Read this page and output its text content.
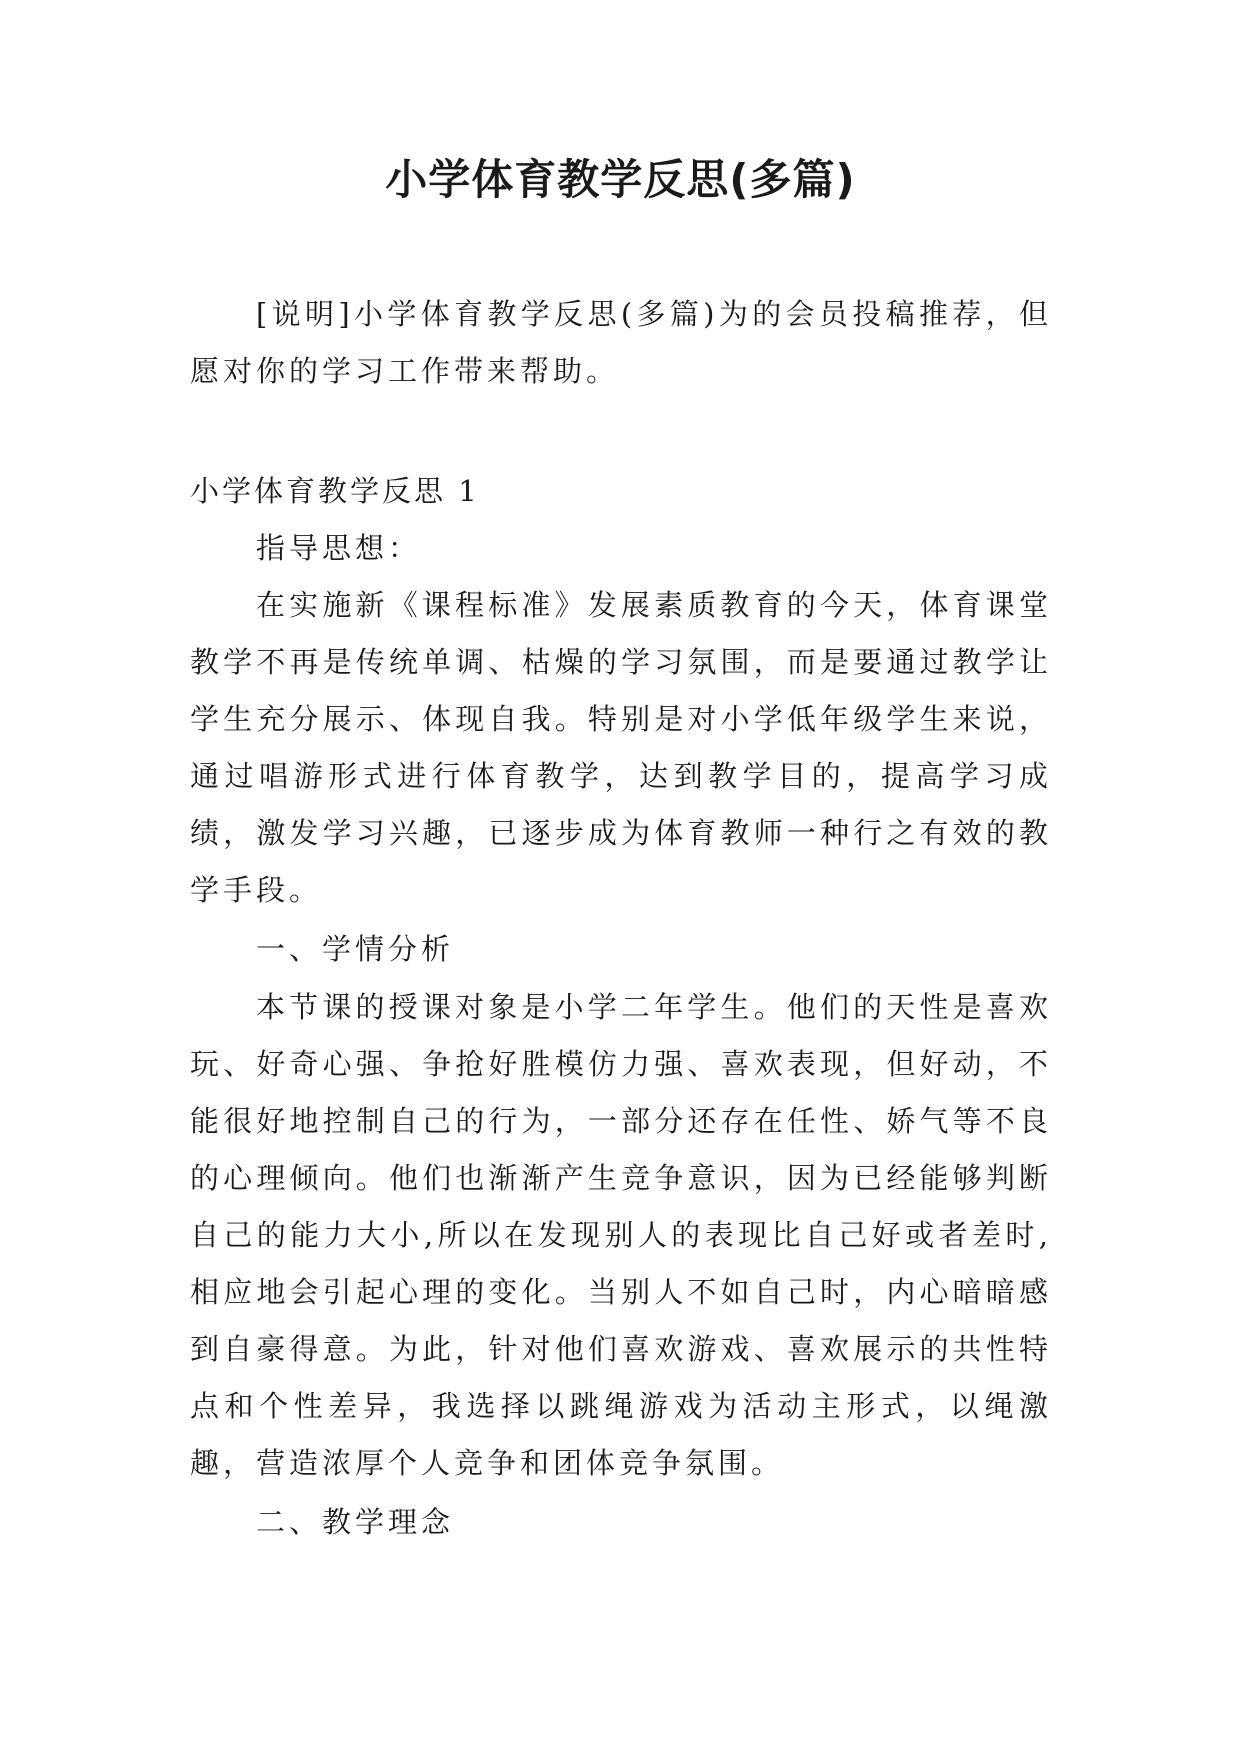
小学体育教学反思(多篇)

[说明]小学体育教学反思(多篇)为的会员投稿推荐，但愿对你的学习工作带来帮助。

小学体育教学反思 1

指导思想：

在实施新《课程标准》发展素质教育的今天，体育课堂教学不再是传统单调、枯燥的学习氛围，而是要通过教学让学生充分展示、体现自我。特别是对小学低年级学生来说，通过唱游形式进行体育教学，达到教学目的，提高学习成绩，激发学习兴趣，已逐步成为体育教师一种行之有效的教学手段。

一、学情分析

本节课的授课对象是小学二年学生。他们的天性是喜欢玩、好奇心强、争抢好胜模仿力强、喜欢表现，但好动，不能很好地控制自己的行为，一部分还存在任性、娇气等不良的心理倾向。他们也渐渐产生竞争意识，因为已经能够判断自己的能力大小,所以在发现别人的表现比自己好或者差时,相应地会引起心理的变化。当别人不如自己时，内心暗暗感到自豪得意。为此，针对他们喜欢游戏、喜欢展示的共性特点和个性差异，我选择以跳绳游戏为活动主形式，以绳激趣，营造浓厚个人竞争和团体竞争氛围。

二、教学理念
